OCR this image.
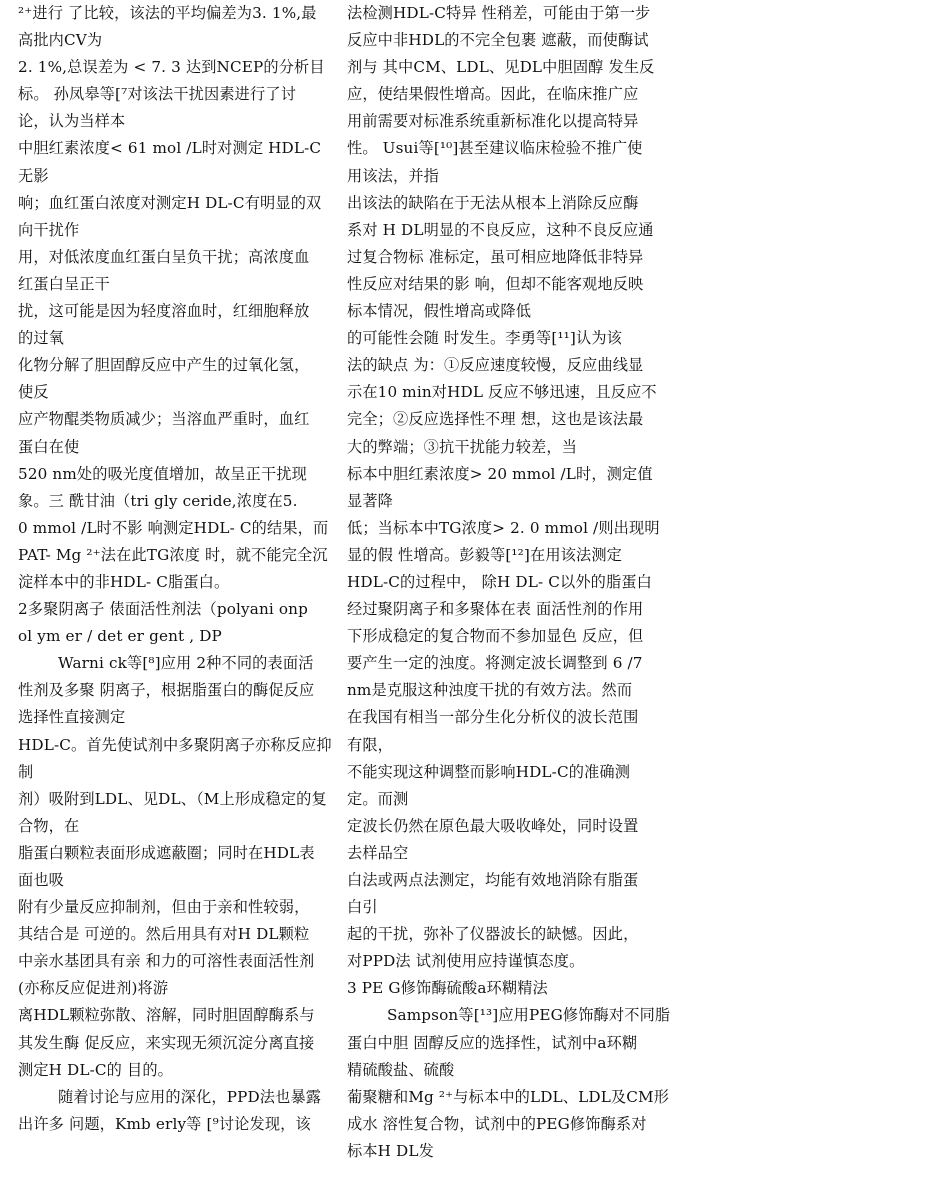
²⁺进行 了比较，该法的平均偏差为3. 1%,最
高批内CV为
2. 1%,总误差为 < 7. 3 达到NCEP的分析目
标。 孙凤皋等[⁷对该法干扰因素进行了讨
论，认为当样本
中胆红素浓度< 61 mol /L时对测定 HDL-C
无影
响；血红蛋白浓度对测定H DL-C有明显的双
向干扰作
用，对低浓度血红蛋白呈负干扰；高浓度血
红蛋白呈正干
扰，这可能是因为轻度溶血时，红细胞释放
的过氧
化物分解了胆固醇反应中产生的过氧化氢，
使反
应产物醌类物质减少；当溶血严重时，血红
蛋白在使
520 nm处的吸光度值增加，故呈正干扰现
象。三 酰甘油（tri gly ceride,浓度在5.
0 mmol /L时不影 响测定HDL- C的结果，而
PAT- Mg ²⁺法在此TG浓度 时，就不能完全沉
淀样本中的非HDL- C脂蛋白。
2多聚阴离子 俵面活性剂法（polyani onp
ol ym er / det er gent , DP
Warni ck等[⁸]应用 2种不同的表面活
性剂及多聚 阴离子，根据脂蛋白的酶促反应
选择性直接测定
HDL-C。首先使试剂中多聚阴离子亦称反应抑
制
剂）吸附到LDL、见DL、（M上形成稳定的复
合物，在
脂蛋白颗粒表面形成遮蔽圈；同时在HDL表
面也吸
附有少量反应抑制剂，但由于亲和性较弱，
其结合是 可逆的。然后用具有对H DL颗粒
中亲水基团具有亲 和力的可溶性表面活性剂
(亦称反应促进剂)将游
离HDL颗粒弥散、溶解，同时胆固醇酶系与
其发生酶 促反应，来实现无须沉淀分离直接
测定H DL-C的 目的。
随着讨论与应用的深化，PPD法也暴露
出许多 问题，Kmb erly等 [⁹讨论发现，该
法检测HDL-C特异 性稍差，可能由于第一步
反应中非HDL的不完全包裹 遮蔽，而使酶试
剂与 其中CM、LDL、见DL中胆固醇 发生反
应，使结果假性增高。因此，在临床推广应
用前需要对标准系统重新标准化以提高特异
性。 Usui等[¹⁰]甚至建议临床检验不推广使
用该法，并指
出该法的缺陷在于无法从根本上消除反应酶
系对 H DL明显的不良反应，这种不良反应通
过复合物标 准标定，虽可相应地降低非特异
性反应对结果的影 响，但却不能客观地反映
标本情况，假性增高或降低
的可能性会随 时发生。李勇等[¹¹]认为该
法的缺点 为：①反应速度较慢，反应曲线显
示在10 min对HDL 反应不够迅速，且反应不
完全；②反应选择性不理 想，这也是该法最
大的弊端；③抗干扰能力较差，当
标本中胆红素浓度> 20 mmol /L时，测定值
显著降
低；当标本中TG浓度> 2. 0 mmol /则出现明
显的假 性增高。彭毅等[¹²]在用该法测定
HDL-C的过程中， 除H DL- C以外的脂蛋白
经过聚阴离子和多聚体在表 面活性剂的作用
下形成稳定的复合物而不参加显色 反应，但
要产生一定的浊度。将测定波长调整到 6 /7
nm是克服这种浊度干扰的有效方法。然而
在我国有相当一部分生化分析仪的波长范围
有限，
不能实现这种调整而影响HDL-C的准确测
定。而测
定波长仍然在原色最大吸收峰处，同时设置
去样品空
白法或两点法测定，均能有效地消除有脂蛋
白引
起的干扰，弥补了仪器波长的缺憾。因此，
对PPD法 试剂使用应持谨慎态度。
3 PE G修饰酶硫酸a环糊精法
Sampson等[¹³]应用PEG修饰酶对不同脂
蛋白中胆 固醇反应的选择性，试剂中a环糊
精硫酸盐、硫酸
葡聚糖和Mg ²⁺与标本中的LDL、LDL及CM形
成水 溶性复合物，试剂中的PEG修饰酶系对
标本H DL发
